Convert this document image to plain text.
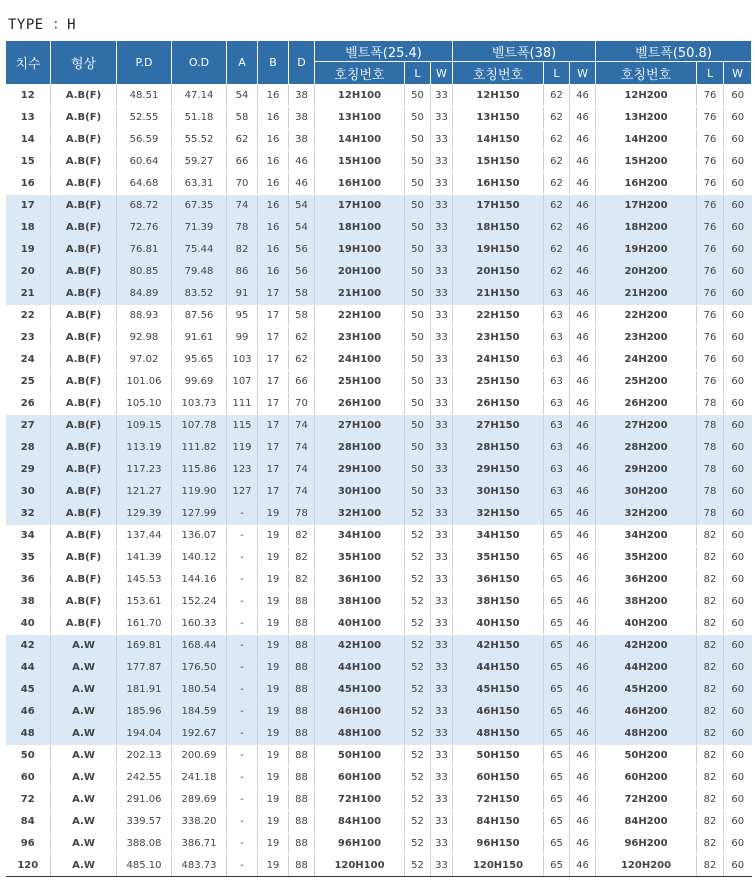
TYPE ：H
치수	형상	P.D	O.D	A	B	D	벨트폭(25.4)			벨트폭(38)			벨트폭(50.8)		
							호칭번호	L	W	호칭번호	L	W	호칭번호	L	W
12	A.B(F)	48.51	47.14	54	16	38	12H100	50	33	12H150	62	46	12H200	76	60
13	A.B(F)	52.55	51.18	58	16	38	13H100	50	33	13H150	62	46	13H200	76	60
14	A.B(F)	56.59	55.52	62	16	38	14H100	50	33	14H150	62	46	14H200	76	60
15	A.B(F)	60.64	59.27	66	16	46	15H100	50	33	15H150	62	46	15H200	76	60
16	A.B(F)	64.68	63.31	70	16	46	16H100	50	33	16H150	62	46	16H200	76	60
17	A.B(F)	68.72	67.35	74	16	54	17H100	50	33	17H150	62	46	17H200	76	60
18	A.B(F)	72.76	71.39	78	16	54	18H100	50	33	18H150	62	46	18H200	76	60
19	A.B(F)	76.81	75.44	82	16	56	19H100	50	33	19H150	62	46	19H200	76	60
20	A.B(F)	80.85	79.48	86	16	56	20H100	50	33	20H150	62	46	20H200	76	60
21	A.B(F)	84.89	83.52	91	17	58	21H100	50	33	21H150	63	46	21H200	76	60
22	A.B(F)	88.93	87.56	95	17	58	22H100	50	33	22H150	63	46	22H200	76	60
23	A.B(F)	92.98	91.61	99	17	62	23H100	50	33	23H150	63	46	23H200	76	60
24	A.B(F)	97.02	95.65	103	17	62	24H100	50	33	24H150	63	46	24H200	76	60
25	A.B(F)	101.06	99.69	107	17	66	25H100	50	33	25H150	63	46	25H200	76	60
26	A.B(F)	105.10	103.73	111	17	70	26H100	50	33	26H150	63	46	26H200	78	60
27	A.B(F)	109.15	107.78	115	17	74	27H100	50	33	27H150	63	46	27H200	78	60
28	A.B(F)	113.19	111.82	119	17	74	28H100	50	33	28H150	63	46	28H200	78	60
29	A.B(F)	117.23	115.86	123	17	74	29H100	50	33	29H150	63	46	29H200	78	60
30	A.B(F)	121.27	119.90	127	17	74	30H100	50	33	30H150	63	46	30H200	78	60
32	A.B(F)	129.39	127.99	-	19	78	32H100	52	33	32H150	65	46	32H200	78	60
34	A.B(F)	137.44	136.07	-	19	82	34H100	52	33	34H150	65	46	34H200	82	60
35	A.B(F)	141.39	140.12	-	19	82	35H100	52	33	35H150	65	46	35H200	82	60
36	A.B(F)	145.53	144.16	-	19	82	36H100	52	33	36H150	65	46	36H200	82	60
38	A.B(F)	153.61	152.24	-	19	88	38H100	52	33	38H150	65	46	38H200	82	60
40	A.B(F)	161.70	160.33	-	19	88	40H100	52	33	40H150	65	46	40H200	82	60
42	A.W	169.81	168.44	-	19	88	42H100	52	33	42H150	65	46	42H200	82	60
44	A.W	177.87	176.50	-	19	88	44H100	52	33	44H150	65	46	44H200	82	60
45	A.W	181.91	180.54	-	19	88	45H100	52	33	45H150	65	46	45H200	82	60
46	A.W	185.96	184.59	-	19	88	46H100	52	33	46H150	65	46	46H200	82	60
48	A.W	194.04	192.67	-	19	88	48H100	52	33	48H150	65	46	48H200	82	60
50	A.W	202.13	200.69	-	19	88	50H100	52	33	50H150	65	46	50H200	82	60
60	A.W	242.55	241.18	-	19	88	60H100	52	33	60H150	65	46	60H200	82	60
72	A.W	291.06	289.69	-	19	88	72H100	52	33	72H150	65	46	72H200	82	60
84	A.W	339.57	338.20	-	19	88	84H100	52	33	84H150	65	46	84H200	82	60
96	A.W	388.08	386.71	-	19	88	96H100	52	33	96H150	65	46	96H200	82	60
120	A.W	485.10	483.73	-	19	88	120H100	52	33	120H150	65	46	120H200	82	60
